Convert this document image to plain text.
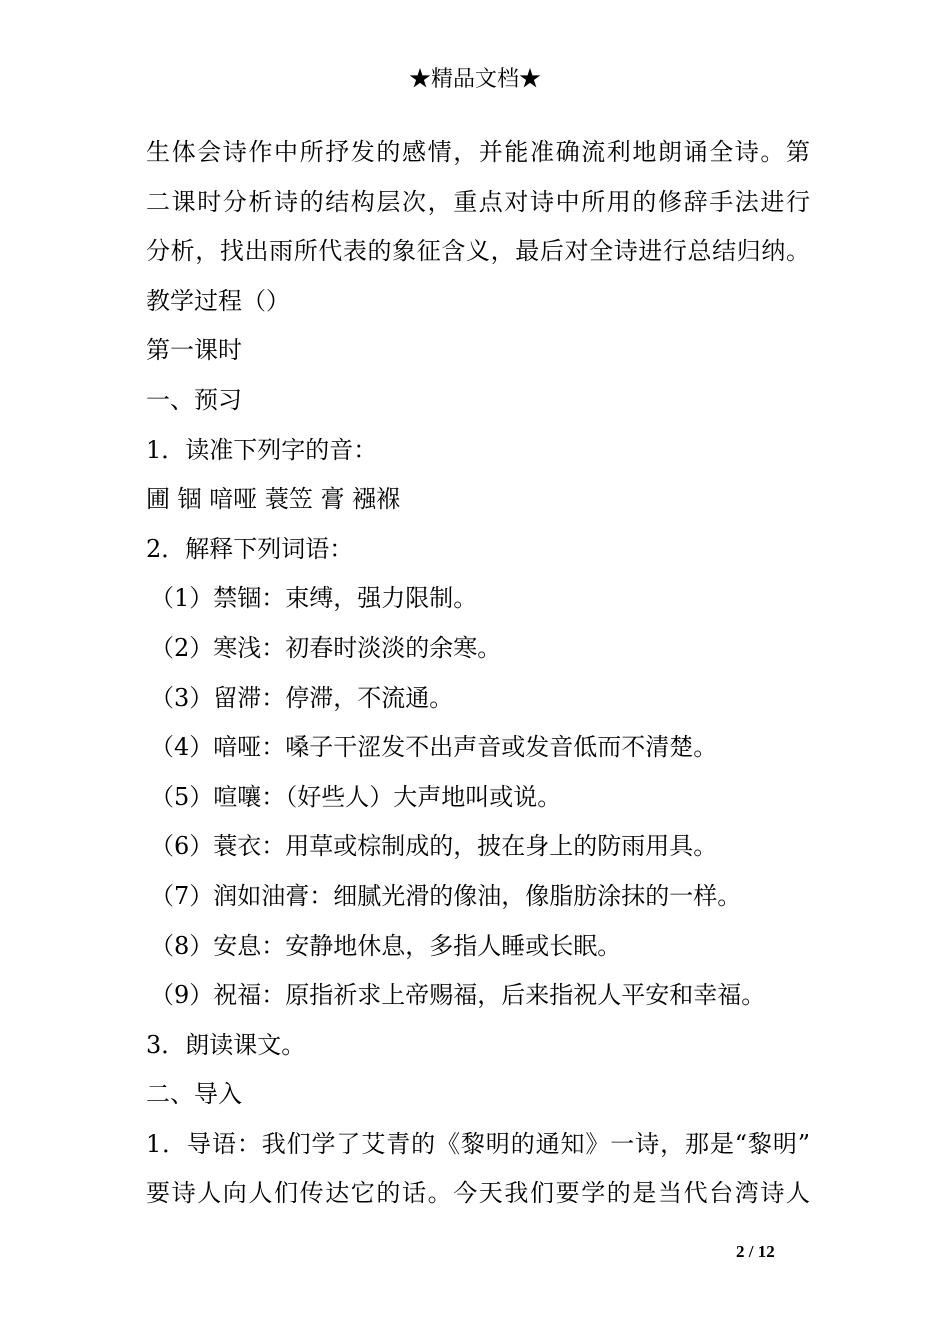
★精品文档★
生体会诗作中所抒发的感情，并能准确流利地朗诵全诗。第
二课时分析诗的结构层次，重点对诗中所用的修辞手法进行
分析，找出雨所代表的象征含义，最后对全诗进行总结归纳。
教学过程（）
第一课时
一、预习
1．读准下列字的音：
圃 锢 喑哑 蓑笠 膏 襁褓
2．解释下列词语：
（1）禁锢：束缚，强力限制。
（2）寒浅：初春时淡淡的余寒。
（3）留滞：停滞，不流通。
（4）喑哑：嗓子干涩发不出声音或发音低而不清楚。
（5）喧嚷：（好些人）大声地叫或说。
（6）蓑衣：用草或棕制成的，披在身上的防雨用具。
（7）润如油膏：细腻光滑的像油，像脂肪涂抹的一样。
（8）安息：安静地休息，多指人睡或长眠。
（9）祝福：原指祈求上帝赐福，后来指祝人平安和幸福。
3．朗读课文。
二、导入
1．导语：我们学了艾青的《黎明的通知》一诗，那是“黎明”
要诗人向人们传达它的话。今天我们要学的是当代台湾诗人
2 / 12
